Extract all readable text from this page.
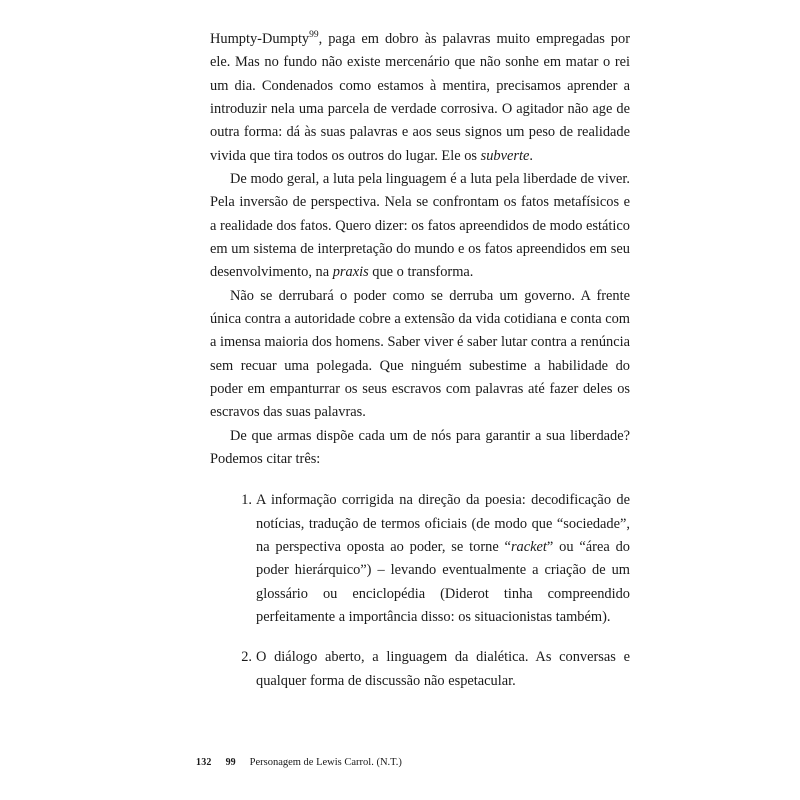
Humpty-Dumpty$^{99}$, paga em dobro às palavras muito empregadas por ele. Mas no fundo não existe mercenário que não sonhe em matar o rei um dia. Condenados como estamos à mentira, precisamos aprender a introduzir nela uma parcela de verdade corrosiva. O agitador não age de outra forma: dá às suas palavras e aos seus signos um peso de realidade vivida que tira todos os outros do lugar. Ele os subverte.

De modo geral, a luta pela linguagem é a luta pela liberdade de viver. Pela inversão de perspectiva. Nela se confrontam os fatos metafísicos e a realidade dos fatos. Quero dizer: os fatos apreendidos de modo estático em um sistema de interpretação do mundo e os fatos apreendidos em seu desenvolvimento, na praxis que o transforma.

Não se derrubará o poder como se derruba um governo. A frente única contra a autoridade cobre a extensão da vida cotidiana e conta com a imensa maioria dos homens. Saber viver é saber lutar contra a renúncia sem recuar uma polegada. Que ninguém subestime a habilidade do poder em empanturrar os seus escravos com palavras até fazer deles os escravos das suas palavras.

De que armas dispõe cada um de nós para garantir a sua liberdade? Podemos citar três:

1. A informação corrigida na direção da poesia: decodificação de notícias, tradução de termos oficiais (de modo que “sociedade”, na perspectiva oposta ao poder, se torne “racket” ou “área do poder hierárquico”) – levando eventualmente a criação de um glossário ou enciclopédia (Diderot tinha compreendido perfeitamente a importância disso: os situacionistas também).
2. O diálogo aberto, a linguagem da dialética. As conversas e qualquer forma de discussão não espetacular.
132 99 Personagem de Lewis Carrol. (N.T.)
